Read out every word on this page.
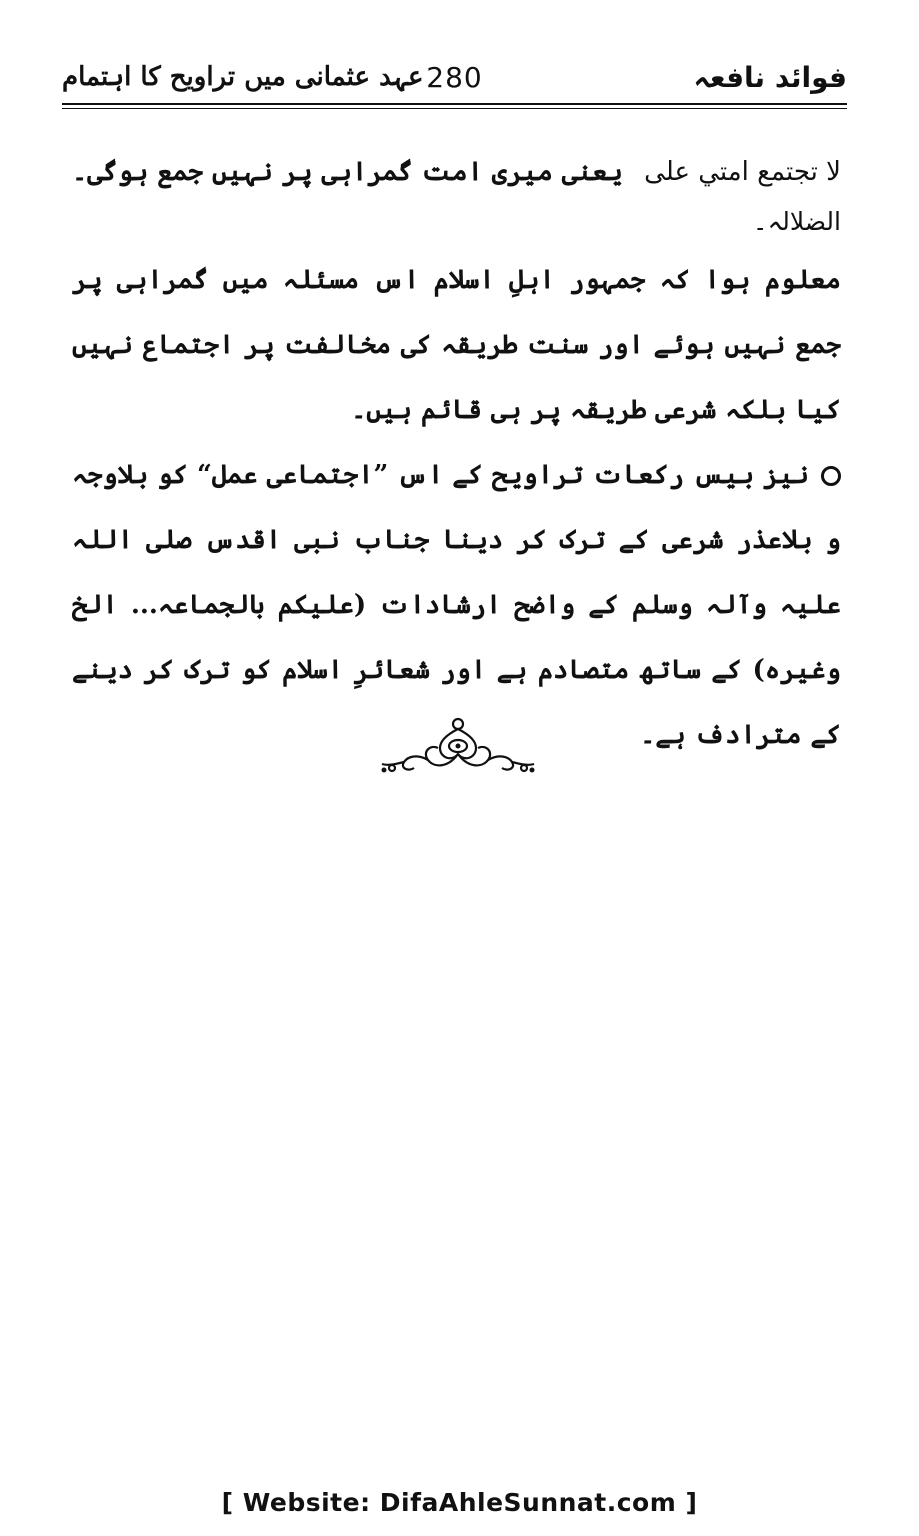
عہد عثمانی میں تراویح کا اہتمام 280	فوائد نافعہ
لا تجتمع امتي علی
یعنی میری امت گمراہی پر نہیں جمع ہوگی۔
الضلالہ۔

معلوم ہوا کہ جمہور اہلِ اسلام اس مسئلہ میں گمراہی پر جمع نہیں ہوئے اور سنت طریقہ کی مخالفت پر اجتماع نہیں کیا بلکہ شرعی طریقہ پر ہی قائم ہیں۔

نیز بیس رکعات تراویح کے اس ”اجتماعی عمل“ کو بلاوجہ و بلاعذر شرعی کے ترک کر دینا جناب نبی اقدس صلی اللہ علیہ وآلہ وسلم کے واضح ارشادات (علیکم بالجماعہ... الخ وغیرہ) کے ساتھ متصادم ہے اور شعائرِ اسلام کو ترک کر دینے کے مترادف ہے۔

[ Website: DifaAhleSunnat.com ]
